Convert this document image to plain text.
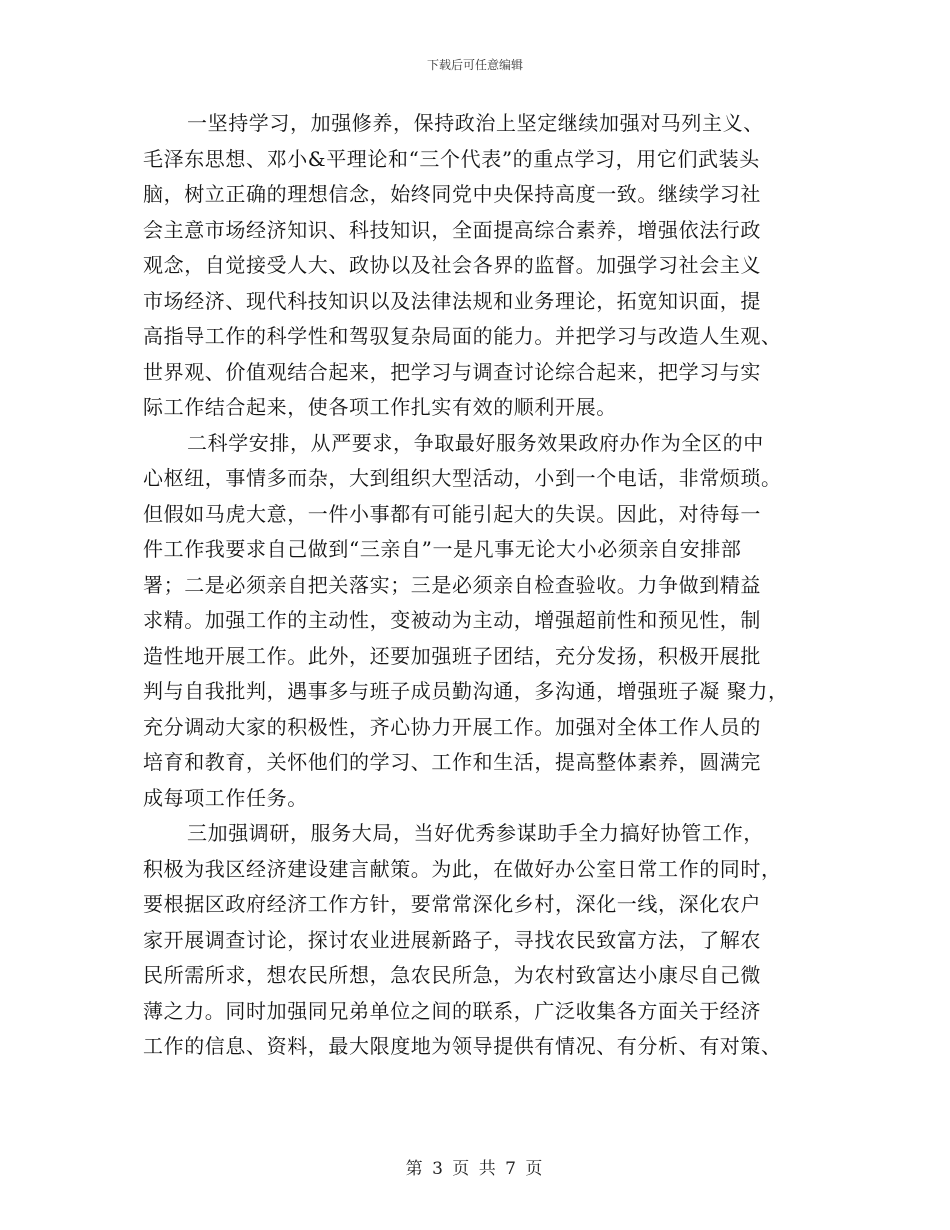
下载后可任意编辑
一坚持学习，加强修养，保持政治上坚定继续加强对马列主义、
毛泽东思想、邓小&平理论和“三个代表”的重点学习，用它们武装头
脑，树立正确的理想信念，始终同党中央保持高度一致。继续学习社
会主意市场经济知识、科技知识，全面提高综合素养，增强依法行政
观念，自觉接受人大、政协以及社会各界的监督。加强学习社会主义
市场经济、现代科技知识以及法律法规和业务理论，拓宽知识面，提
高指导工作的科学性和驾驭复杂局面的能力。并把学习与改造人生观、
世界观、价值观结合起来，把学习与调查讨论综合起来，把学习与实
际工作结合起来，使各项工作扎实有效的顺利开展。
二科学安排，从严要求，争取最好服务效果政府办作为全区的中
心枢纽，事情多而杂，大到组织大型活动，小到一个电话，非常烦琐。
但假如马虎大意，一件小事都有可能引起大的失误。因此，对待每一
件工作我要求自己做到“三亲自”一是凡事无论大小必须亲自安排部
署；二是必须亲自把关落实；三是必须亲自检查验收。力争做到精益
求精。加强工作的主动性，变被动为主动，增强超前性和预见性，制
造性地开展工作。此外，还要加强班子团结，充分发扬，积极开展批
判与自我批判，遇事多与班子成员勤沟通，多沟通，增强班子凝 聚力，
充分调动大家的积极性，齐心协力开展工作。加强对全体工作人员的
培育和教育，关怀他们的学习、工作和生活，提高整体素养，圆满完
成每项工作任务。
三加强调研，服务大局，当好优秀参谋助手全力搞好协管工作，
积极为我区经济建设建言献策。为此，在做好办公室日常工作的同时，
要根据区政府经济工作方针，要常常深化乡村，深化一线，深化农户
家开展调查讨论，探讨农业进展新路子，寻找农民致富方法，了解农
民所需所求，想农民所想，急农民所急，为农村致富达小康尽自己微
薄之力。同时加强同兄弟单位之间的联系，广泛收集各方面关于经济
工作的信息、资料，最大限度地为领导提供有情况、有分析、有对策、
第 3 页 共 7 页
